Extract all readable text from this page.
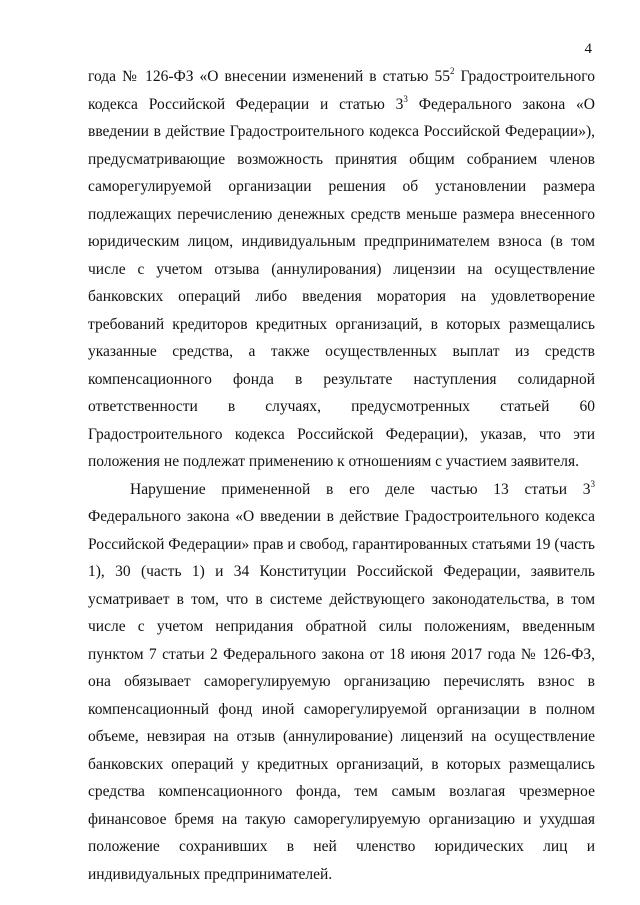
4

года № 126-ФЗ «О внесении изменений в статью $55^2$ Градостроительного кодекса Российской Федерации и статью $3^3$ Федерального закона «О введении в действие Градостроительного кодекса Российской Федерации»), предусматривающие возможность принятия общим собранием членов саморегулируемой организации решения об установлении размера подлежащих перечислению денежных средств меньше размера внесенного юридическим лицом, индивидуальным предпринимателем взноса (в том числе с учетом отзыва (аннулирования) лицензии на осуществление банковских операций либо введения моратория на удовлетворение требований кредиторов кредитных организаций, в которых размещались указанные средства, а также осуществленных выплат из средств компенсационного фонда в результате наступления солидарной ответственности в случаях, предусмотренных статьей 60 Градостроительного кодекса Российской Федерации), указав, что эти положения не подлежат применению к отношениям с участием заявителя.

Нарушение примененной в его деле частью 13 статьи $3^3$ Федерального закона «О введении в действие Градостроительного кодекса Российской Федерации» прав и свобод, гарантированных статьями 19 (часть 1), 30 (часть 1) и 34 Конституции Российской Федерации, заявитель усматривает в том, что в системе действующего законодательства, в том числе с учетом непридания обратной силы положениям, введенным пунктом 7 статьи 2 Федерального закона от 18 июня 2017 года № 126-ФЗ, она обязывает саморегулируемую организацию перечислять взнос в компенсационный фонд иной саморегулируемой организации в полном объеме, невзирая на отзыв (аннулирование) лицензий на осуществление банковских операций у кредитных организаций, в которых размещались средства компенсационного фонда, тем самым возлагая чрезмерное финансовое бремя на такую саморегулируемую организацию и ухудшая положение сохранивших в ней членство юридических лиц и индивидуальных предпринимателей.
